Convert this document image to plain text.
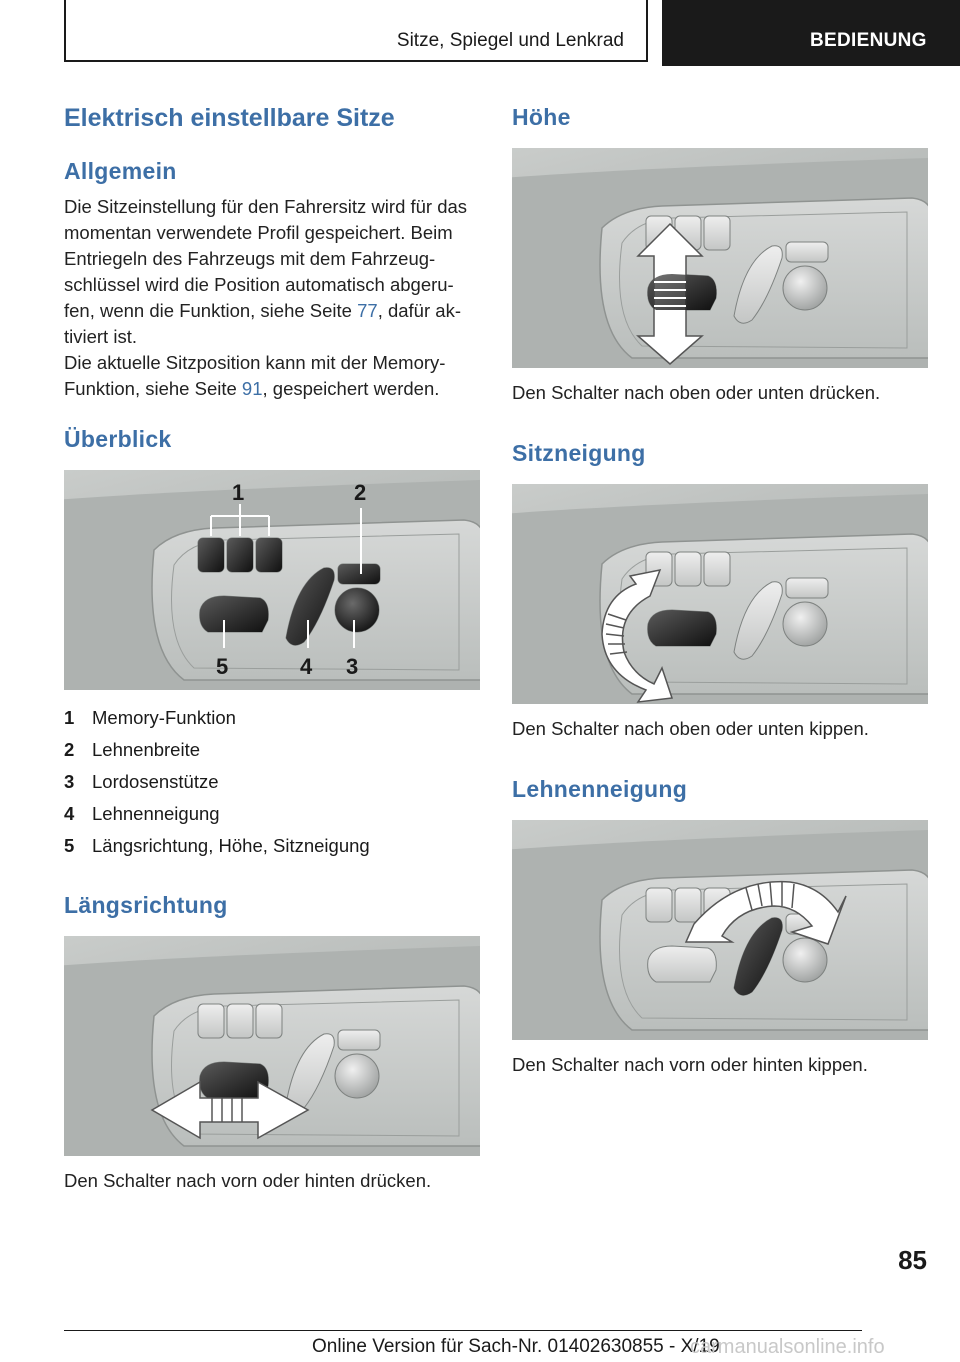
Sitze, Spiegel und Lenkrad	BEDIENUNG
Elektrisch einstellbare Sitze
Allgemein

Die Sitzeinstellung für den Fahrersitz wird für das momentan verwendete Profil gespeichert. Beim Entriegeln des Fahrzeugs mit dem Fahrzeug-schlüssel wird die Position automatisch abgeru-fen, wenn die Funktion, siehe Seite 77, dafür ak-tiviert ist.

Die aktuelle Sitzposition kann mit der Memory-Funktion, siehe Seite 91, gespeichert werden.

Überblick
1	2
5	4 3
1 Memory-Funktion
2 Lehnenbreite
3 Lordosenstütze
4 Lehnenneigung
5 Längsrichtung, Höhe, Sitzneigung
Längsrichtung

Den Schalter nach vorn oder hinten drücken.

Höhe

Den Schalter nach oben oder unten drücken.

Sitzneigung

Den Schalter nach oben oder unten kippen.

Lehnenneigung

Den Schalter nach vorn oder hinten kippen.

85
Online Version für Sach-Nr. 01402630855 - X/19
carmanualsonline.info
